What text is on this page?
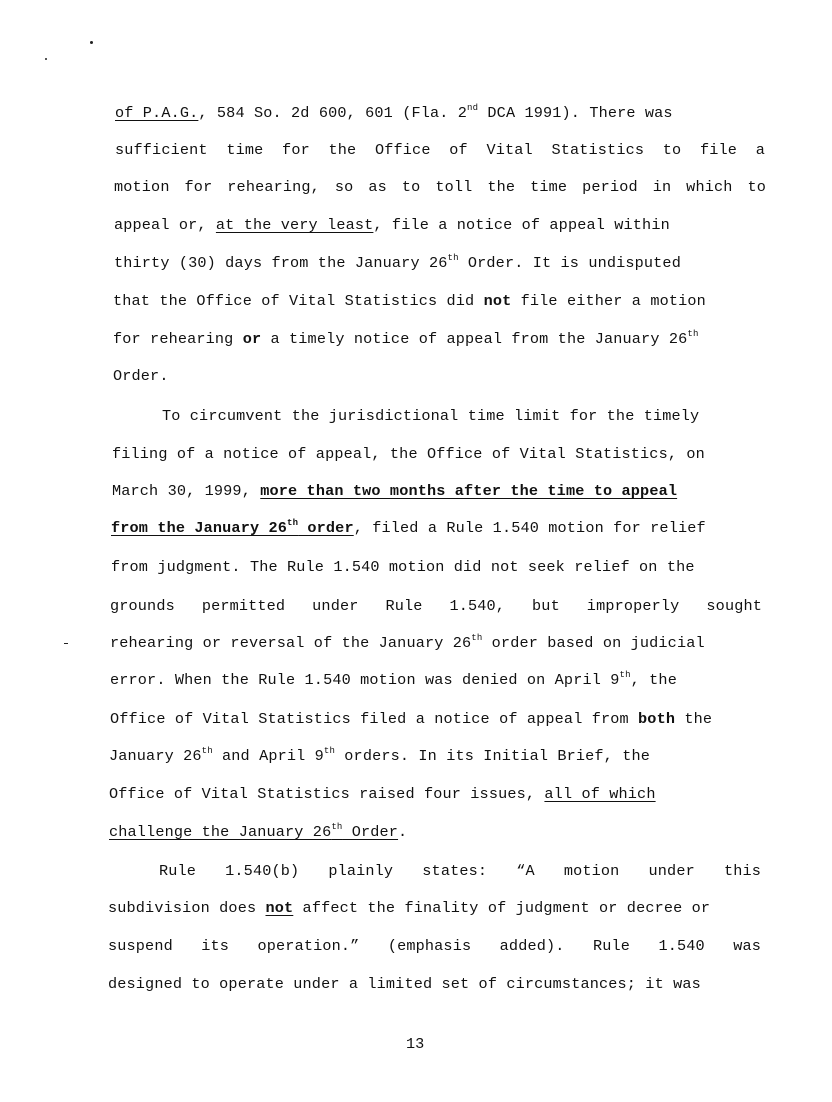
of P.A.G., 584 So. 2d 600, 601 (Fla. 2nd DCA 1991). There was
sufficient time for the Office of Vital Statistics to file a
motion for rehearing, so as to toll the time period in which to
appeal or, at the very least, file a notice of appeal within
thirty (30) days from the January 26th Order. It is undisputed
that the Office of Vital Statistics did not file either a motion
for rehearing or a timely notice of appeal from the January 26th
Order.
To circumvent the jurisdictional time limit for the timely
filing of a notice of appeal, the Office of Vital Statistics, on
March 30, 1999, more than two months after the time to appeal
from the January 26th order, filed a Rule 1.540 motion for relief
from judgment. The Rule 1.540 motion did not seek relief on the
grounds permitted under Rule 1.540, but improperly sought
rehearing or reversal of the January 26th order based on judicial
error. When the Rule 1.540 motion was denied on April 9th, the
Office of Vital Statistics filed a notice of appeal from both the
January 26th and April 9th orders. In its Initial Brief, the
Office of Vital Statistics raised four issues, all of which
challenge the January 26th Order.
Rule 1.540(b) plainly states: “A motion under this
subdivision does not affect the finality of judgment or decree or
suspend its operation.” (emphasis added). Rule 1.540 was
designed to operate under a limited set of circumstances; it was
13
